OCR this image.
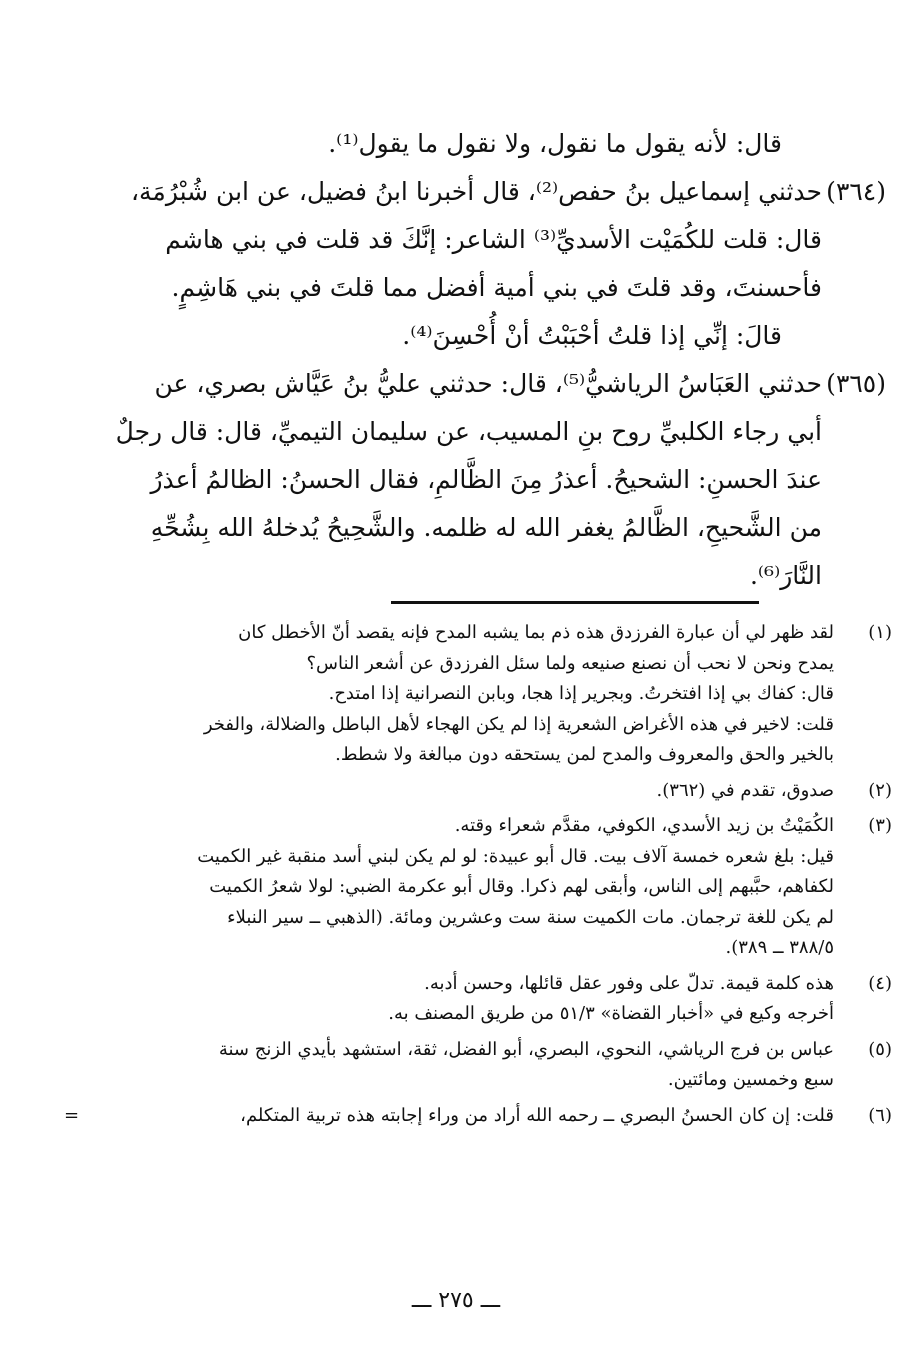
قال: لأنه يقول ما نقول، ولا نقول ما يقول⁽¹⁾.

(٣٦٤)
حدثني إسماعيل بنُ حفص⁽²⁾، قال أخبرنا ابنُ فضيل، عن ابن شُبْرُمَة،
قال: قلت للكُمَيْت الأسديِّ⁽³⁾ الشاعر: إنَّكَ قد قلت في بني هاشم
فأحسنتَ، وقد قلتَ في بني أمية أفضل مما قلتَ في بني هَاشِمٍ.
قالَ: إنِّي إذا قلتُ أحْبَبْتُ أنْ أُحْسِنَ⁽⁴⁾.
(٣٦٥)
حدثني العَبَاسُ الرياشيُّ⁽⁵⁾، قال: حدثني عليُّ بنُ عَيَّاش بصري، عن
أبي رجاء الكلبيِّ روح بنِ المسيب، عن سليمان التيميِّ، قال: قال رجلٌ
عندَ الحسنِ: الشحيحُ. أعذرُ مِنَ الظَّالمِ، فقال الحسنُ: الظالمُ أعذرُ
من الشَّحيحِ، الظَّالمُ يغفر الله له ظلمه. والشَّحِيحُ يُدخلهُ الله بِشُحِّهِ
النَّارَ⁽⁶⁾.
(١)
لقد ظهر لي أن عبارة الفرزدق هذه ذم بما يشبه المدح فإنه يقصد أنّ الأخطل كان
يمدح ونحن لا نحب أن نصنع صنيعه ولما سئل الفرزدق عن أشعر الناس؟
قال: كفاك بي إذا افتخرتُ. وبجرير إذا هجا، وبابن النصرانية إذا امتدح.
قلت: لاخير في هذه الأغراض الشعرية إذا لم يكن الهجاء لأهل الباطل والضلالة، والفخر
بالخير والحق والمعروف والمدح لمن يستحقه دون مبالغة ولا شطط.
(٢)
صدوق، تقدم في (٣٦٢).
(٣)
الكُمَيْتُ بن زيد الأسدي، الكوفي، مقدَّم شعراء وقته.
قيل: بلغ شعره خمسة آلاف بيت. قال أبو عبيدة: لو لم يكن لبني أسد منقبة غير الكميت
لكفاهم، حبَّبهم إلى الناس، وأبقى لهم ذكرا. وقال أبو عكرمة الضبي: لولا شعرُ الكميت
لم يكن للغة ترجمان. مات الكميت سنة ست وعشرين ومائة. (الذهبي ــ سير النبلاء
٣٨٨/٥ ــ ٣٨٩).
(٤)
هذه كلمة قيمة. تدلّ على وفور عقل قائلها، وحسن أدبه.
أخرجه وكيع في «أخبار القضاة» ٥١/٣ من طريق المصنف به.
(٥)
عباس بن فرج الرياشي، النحوي، البصري، أبو الفضل، ثقة، استشهد بأيدي الزنج سنة
سبع وخمسين ومائتين.
(٦)
قلت: إن كان الحسنُ البصري ــ رحمه الله أراد من وراء إجابته هذه تربية المتكلم،
=
ـــ ٢٧٥ ـــ
